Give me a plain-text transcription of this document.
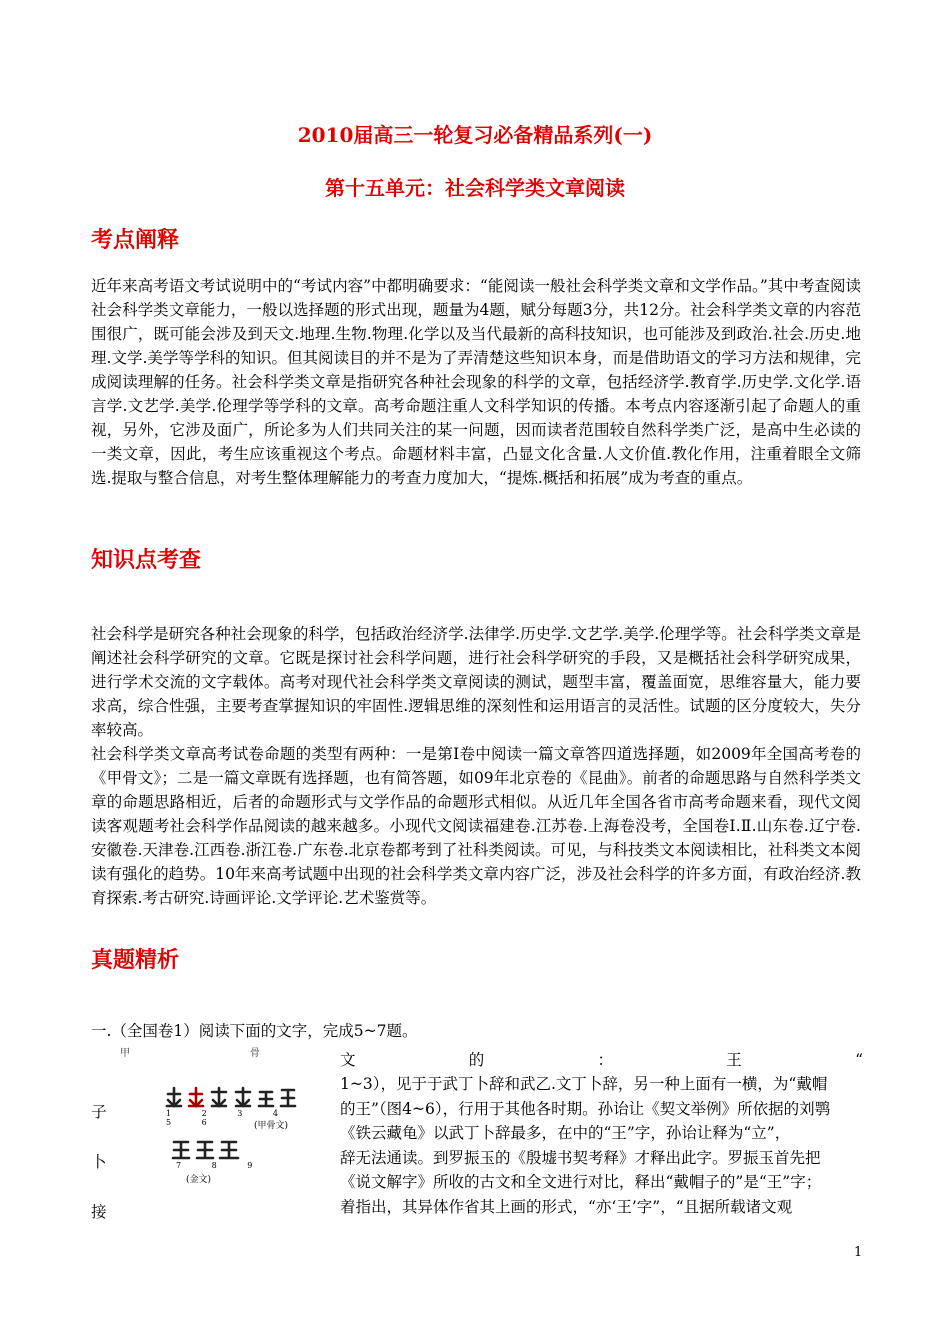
2010届高三一轮复习必备精品系列(一)
第十五单元：社会科学类文章阅读
考点阐释
近年来高考语文考试说明中的“考试内容”中都明确要求：“能阅读一般社会科学类文章和文学作品。”其中考查阅读社会科学类文章能力，一般以选择题的形式出现，题量为4题，赋分每题3分，共12分。社会科学类文章的内容范围很广，既可能会涉及到天文.地理.生物.物理.化学以及当代最新的高科技知识，也可能涉及到政治.社会.历史.地理.文学.美学等学科的知识。但其阅读目的并不是为了弄清楚这些知识本身，而是借助语文的学习方法和规律，完成阅读理解的任务。社会科学类文章是指研究各种社会现象的科学的文章，包括经济学.教育学.历史学.文化学.语言学.文艺学.美学.伦理学等学科的文章。高考命题注重人文科学知识的传播。本考点内容逐渐引起了命题人的重视，另外，它涉及面广，所论多为人们共同关注的某一问题，因而读者范围较自然科学类广泛，是高中生必读的一类文章，因此，考生应该重视这个考点。命题材料丰富，凸显文化含量.人文价值.教化作用，注重着眼全文筛选.提取与整合信息，对考生整体理解能力的考查力度加大，“提炼.概括和拓展”成为考查的重点。
知识点考查
社会科学是研究各种社会现象的科学，包括政治经济学.法律学.历史学.文艺学.美学.伦理学等。社会科学类文章是阐述社会科学研究的文章。它既是探讨社会科学问题，进行社会科学研究的手段，又是概括社会科学研究成果，进行学术交流的文字载体。高考对现代社会科学类文章阅读的测试，题型丰富，覆盖面宽，思维容量大，能力要求高，综合性强，主要考查掌握知识的牢固性.逻辑思维的深刻性和运用语言的灵活性。试题的区分度较大，失分率较高。
社会科学类文章高考试卷命题的类型有两种：一是第Ⅰ卷中阅读一篇文章答四道选择题，如2009年全国高考卷的《甲骨文》；二是一篇文章既有选择题，也有简答题，如09年北京卷的《昆曲》。前者的命题思路与自然科学类文章的命题思路相近，后者的命题形式与文学作品的命题形式相似。从近几年全国各省市高考命题来看，现代文阅读客观题考社会科学作品阅读的越来越多。小现代文阅读福建卷.江苏卷.上海卷没考，全国卷Ⅰ.Ⅱ.山东卷.辽宁卷.安徽卷.天津卷.江西卷.浙江卷.广东卷.北京卷都考到了社科类阅读。可见，与科技类文本阅读相比，社科类文本阅读有强化的趋势。10年来高考试题中出现的社会科学类文章内容广泛，涉及社会科学的许多方面，有政治经济.教育探索.考古研究.诗画评论.文学评论.艺术鉴赏等。
真题精析
一.（全国卷1）阅读下面的文字，完成5~7题。
甲	骨
子
卜
接
1 2 3 4 5 6	(甲骨文)
7 8 9
(金文)
文	的	：	王	“
1~3），见于于武丁卜辞和武乙.文丁卜辞，另一种上面有一横，为“戴帽
的王”（图4~6），行用于其他各时期。孙诒让《契文举例》所依据的刘鹗
《铁云藏龟》以武丁卜辞最多，在中的“王”字，孙诒让释为“立”，
辞无法通读。到罗振玉的《殷墟书契考释》才释出此字。罗振玉首先把
《说文解字》所收的古文和全文进行对比，释出“戴帽子的”是“王”字；
着指出，其异体作省其上画的形式，“亦‘王’字”，“且据所载诸文观
1
